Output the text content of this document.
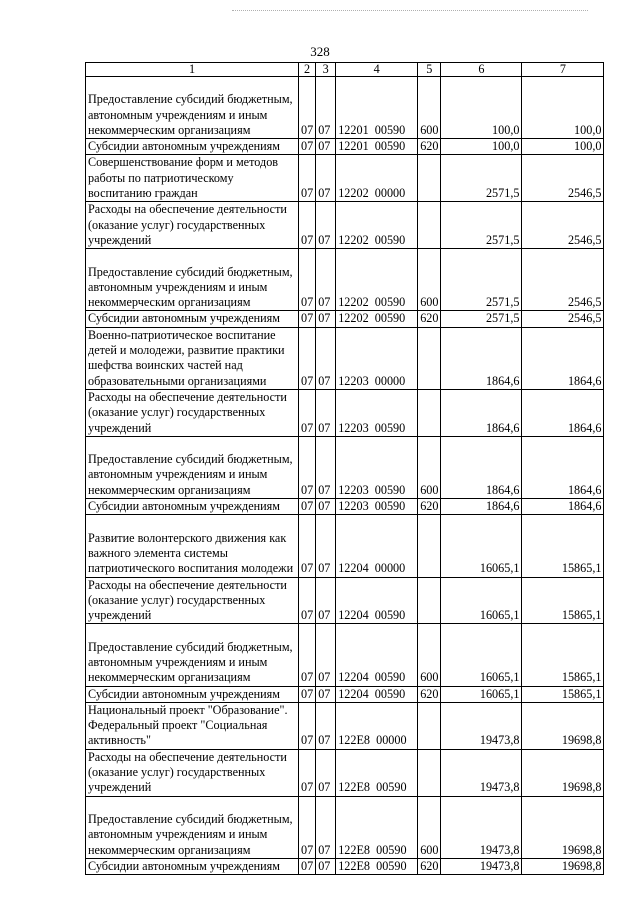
328
1	2	3	4	5	6	7
Предоставление субсидий бюджетным, автономным учреждениям и иным некоммерческим организациям	07	07	12201  00590	600	100,0	100,0
Субсидии автономным учреждениям	07	07	12201  00590	620	100,0	100,0
Совершенствование форм и методов работы по патриотическому воспитанию граждан	07	07	12202  00000		2571,5	2546,5
Расходы на обеспечение деятельности (оказание услуг) государственных учреждений	07	07	12202  00590		2571,5	2546,5
Предоставление субсидий бюджетным, автономным учреждениям и иным некоммерческим организациям	07	07	12202  00590	600	2571,5	2546,5
Субсидии автономным учреждениям	07	07	12202  00590	620	2571,5	2546,5
Военно-патриотическое воспитание детей и молодежи, развитие практики шефства воинских частей над образовательными организациями	07	07	12203  00000		1864,6	1864,6
Расходы на обеспечение деятельности (оказание услуг) государственных учреждений	07	07	12203  00590		1864,6	1864,6
Предоставление субсидий бюджетным, автономным учреждениям и иным некоммерческим организациям	07	07	12203  00590	600	1864,6	1864,6
Субсидии автономным учреждениям	07	07	12203  00590	620	1864,6	1864,6
Развитие волонтерского движения как важного элемента системы патриотического воспитания молодежи	07	07	12204  00000		16065,1	15865,1
Расходы на обеспечение деятельности (оказание услуг) государственных учреждений	07	07	12204  00590		16065,1	15865,1
Предоставление субсидий бюджетным, автономным учреждениям и иным некоммерческим организациям	07	07	12204  00590	600	16065,1	15865,1
Субсидии автономным учреждениям	07	07	12204  00590	620	16065,1	15865,1
Национальный проект "Образование". Федеральный проект "Социальная активность"	07	07	122E8  00000		19473,8	19698,8
Расходы на обеспечение деятельности (оказание услуг) государственных учреждений	07	07	122E8  00590		19473,8	19698,8
Предоставление субсидий бюджетным, автономным учреждениям и иным некоммерческим организациям	07	07	122E8  00590	600	19473,8	19698,8
Субсидии автономным учреждениям	07	07	122E8  00590	620	19473,8	19698,8
